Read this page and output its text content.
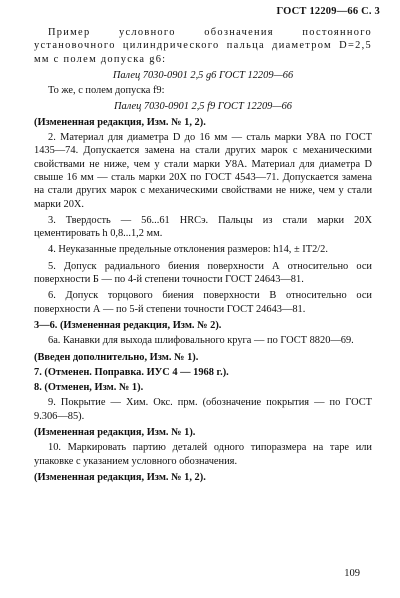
ГОСТ 12209—66 С. 3

Пример условного обозначения постоянного установочного цилиндрического пальца диаметром D=2,5 мм с полем допуска g6:

Палец 7030-0901 2,5 g6 ГОСТ 12209—66

То же, с полем допуска f9:

Палец 7030-0901 2,5 f9 ГОСТ 12209—66

(Измененная редакция, Изм. № 1, 2).

2. Материал для диаметра D до 16 мм — сталь марки У8А по ГОСТ 1435—74. Допускается замена на стали других марок с механическими свойствами не ниже, чем у стали марки У8А. Материал для диаметра D свыше 16 мм — сталь марки 20Х по ГОСТ 4543—71. Допускается замена на стали других марок с механическими свойствами не ниже, чем у стали марки 20Х.

3. Твердость — 56...61 HRCэ. Пальцы из стали марки 20Х цементировать h 0,8...1,2 мм.

4. Неуказанные предельные отклонения размеров: h14, ± IT2/2.

5. Допуск радиального биения поверхности А относительно оси поверхности Б — по 4-й степени точности ГОСТ 24643—81.

6. Допуск торцового биения поверхности В относительно оси поверхности А — по 5-й степени точности ГОСТ 24643—81.

3—6. (Измененная редакция, Изм. № 2).

6а. Канавки для выхода шлифовального круга — по ГОСТ 8820—69.

(Введен дополнительно, Изм. № 1).

7. (Отменен. Поправка. ИУС 4 — 1968 г.).

8. (Отменен, Изм. № 1).

9. Покрытие — Хим. Окс. прм. (обозначение покрытия — по ГОСТ 9.306—85).

(Измененная редакция, Изм. № 1).

10. Маркировать партию деталей одного типоразмера на таре или упаковке с указанием условного обозначения.

(Измененная редакция, Изм. № 1, 2).

109
